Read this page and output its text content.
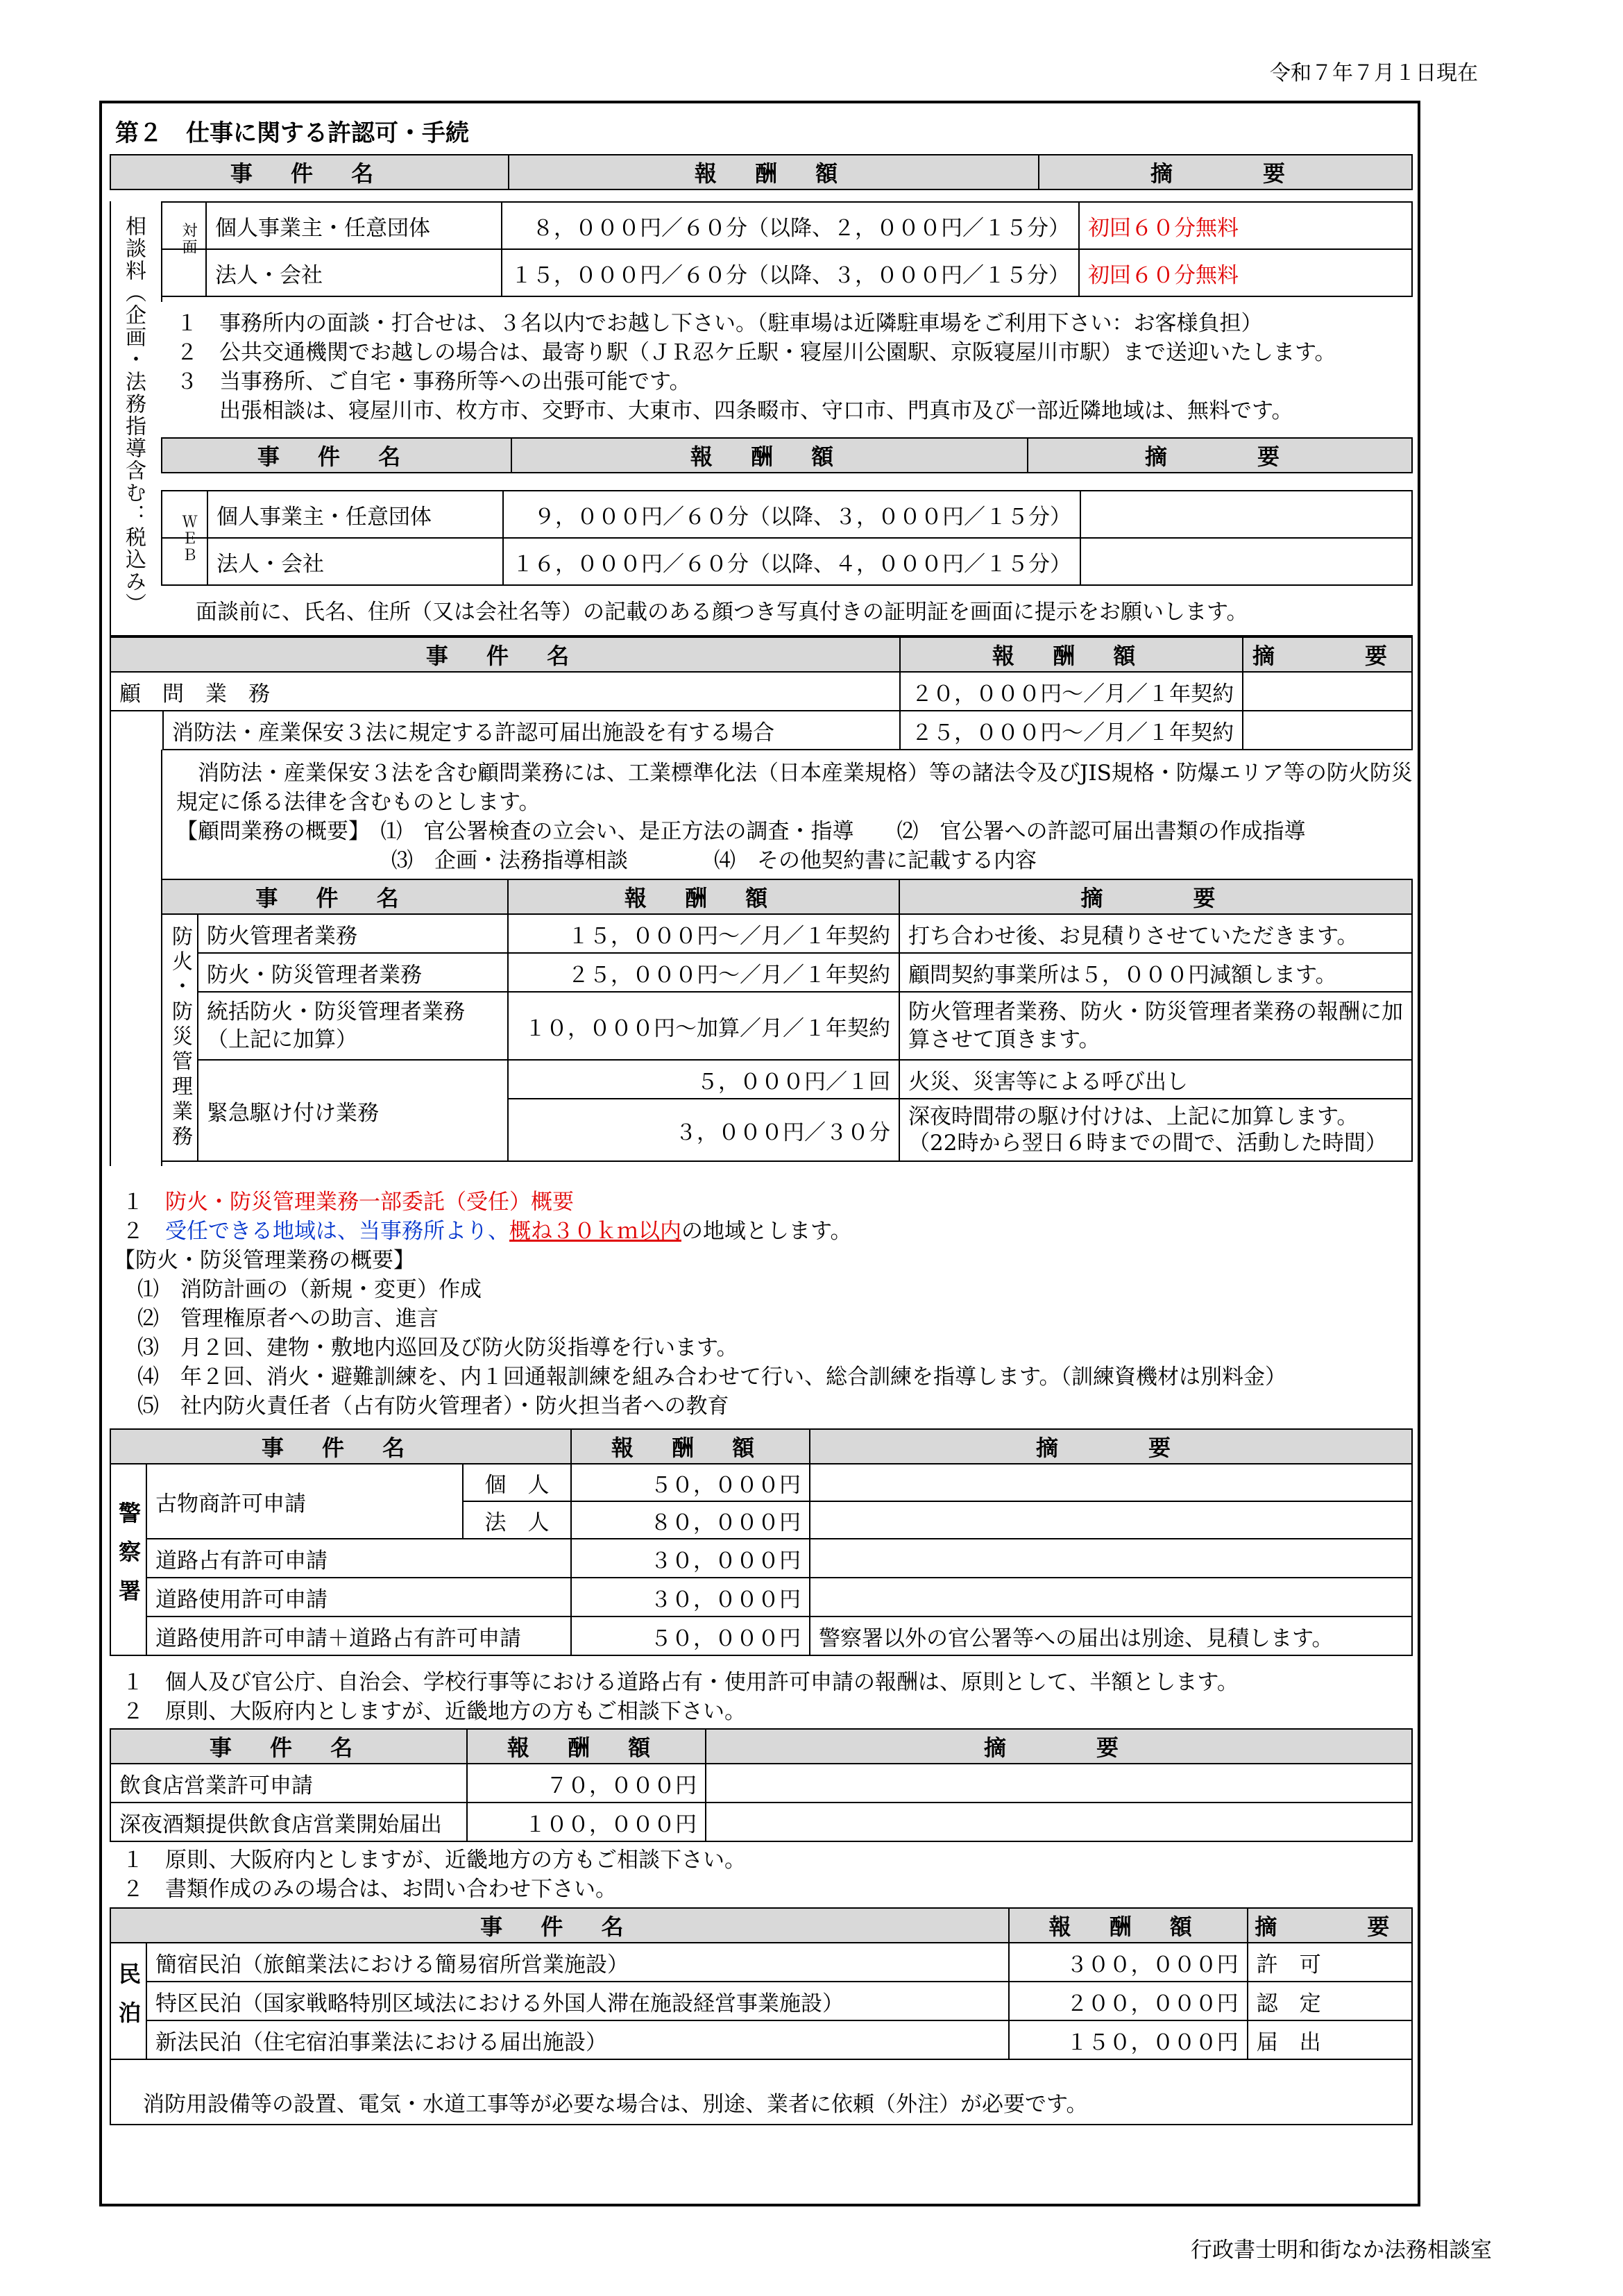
令和７年７月１日現在
第２　仕事に関する許認可・手続
事 件 名	報 酬 額	摘　　要
相談料（企画・法務指導含む：税込み） 対面
	個人事業主・任意団体	８，０００円／６０分（以降、２，０００円／１５分）	初回６０分無料
	法人・会社	１５，０００円／６０分（以降、３，０００円／１５分）	初回６０分無料
１　事務所内の面談・打合せは、３名以内でお越し下さい。（駐車場は近隣駐車場をご利用下さい：お客様負担）
２　公共交通機関でお越しの場合は、最寄り駅（ＪＲ忍ケ丘駅・寝屋川公園駅、京阪寝屋川市駅）まで送迎いたします。
３　当事務所、ご自宅・事務所等への出張可能です。
　　出張相談は、寝屋川市、枚方市、交野市、大東市、四条畷市、守口市、門真市及び一部近隣地域は、無料です。
事 件 名	報 酬 額	摘　　要
ＷＥＢ
	個人事業主・任意団体	９，０００円／６０分（以降、３，０００円／１５分）	
	法人・会社	１６，０００円／６０分（以降、４，０００円／１５分）	
面談前に、氏名、住所（又は会社名等）の記載のある顔つき写真付きの証明証を画面に提示をお願いします。
事 件 名		報 酬 額	摘　　要
顧　問　業　務		２０，０００円～／月／１年契約	
	消防法・産業保安３法に規定する許認可届出施設を有する場合	２５，０００円～／月／１年契約	
　消防法・産業保安３法を含む顧問業務には、工業標準化法（日本産業規格）等の諸法令及びJIS規格・防爆エリア等の防火防災
規定に係る法律を含むものとします。
【顧問業務の概要】　⑴　官公署検査の立会い、是正方法の調査・指導　　⑵　官公署への許認可届出書類の作成指導
　　　　　　　　　　⑶　企画・法務指導相談　　　　⑷　その他契約書に記載する内容
事 件 名		報 酬 額	摘　　要

防火・防災管理業務	防火管理者業務	１５，０００円～／月／１年契約	打ち合わせ後、お見積りさせていただきます。
	防火・防災管理者業務	２５，０００円～／月／１年契約	顧問契約事業所は５，０００円減額します。
	統括防火・防災管理者業務
（上記に加算）	１０，０００円～加算／月／１年契約	防火管理者業務、防火・防災管理者業務の報酬に加
算させて頂きます。
	緊急駆け付け業務	５，０００円／１回	火災、災害等による呼び出し
		３，０００円／３０分	深夜時間帯の駆け付けは、上記に加算します。
（22時から翌日６時までの間で、活動した時間）
１　 防火・防災管理業務一部委託（受任）概要
２　 受任できる地域は、当事務所より、概ね３０ｋｍ以内の地域とします。
【防火・防災管理業務の概要】
⑴　消防計画の（新規・変更）作成
⑵　管理権原者への助言、進言
⑶　月２回、建物・敷地内巡回及び防火防災指導を行います。
⑷　年２回、消火・避難訓練を、内１回通報訓練を組み合わせて行い、総合訓練を指導します。（訓練資機材は別料金）
⑸　社内防火責任者（占有防火管理者）・防火担当者への教育
事 件 名			報 酬 額	摘　　要

警察署	古物商許可申請	個　人	５０，０００円	
		法　人	８０，０００円	
	道路占有許可申請		３０，０００円	
	道路使用許可申請		３０，０００円	
	道路使用許可申請＋道路占有許可申請		５０，０００円	警察署以外の官公署等への届出は別途、見積します。
１　個人及び官公庁、自治会、学校行事等における道路占有・使用許可申請の報酬は、原則として、半額とします。
２　原則、大阪府内としますが、近畿地方の方もご相談下さい。
事 件 名	報 酬 額	摘　　要
飲食店営業許可申請	７０，０００円	
深夜酒類提供飲食店営業開始届出	１００，０００円	
１　原則、大阪府内としますが、近畿地方の方もご相談下さい。
２　書類作成のみの場合は、お問い合わせ下さい。
事 件 名		報 酬 額	摘　　要

民泊	簡宿民泊（旅館業法における簡易宿所営業施設）	３００，０００円	許　可
	特区民泊（国家戦略特別区域法における外国人滞在施設経営事業施設）	２００，０００円	認　定
	新法民泊（住宅宿泊事業法における届出施設）	１５０，０００円	届　出
消防用設備等の設置、電気・水道工事等が必要な場合は、別途、業者に依頼（外注）が必要です。
行政書士明和街なか法務相談室
